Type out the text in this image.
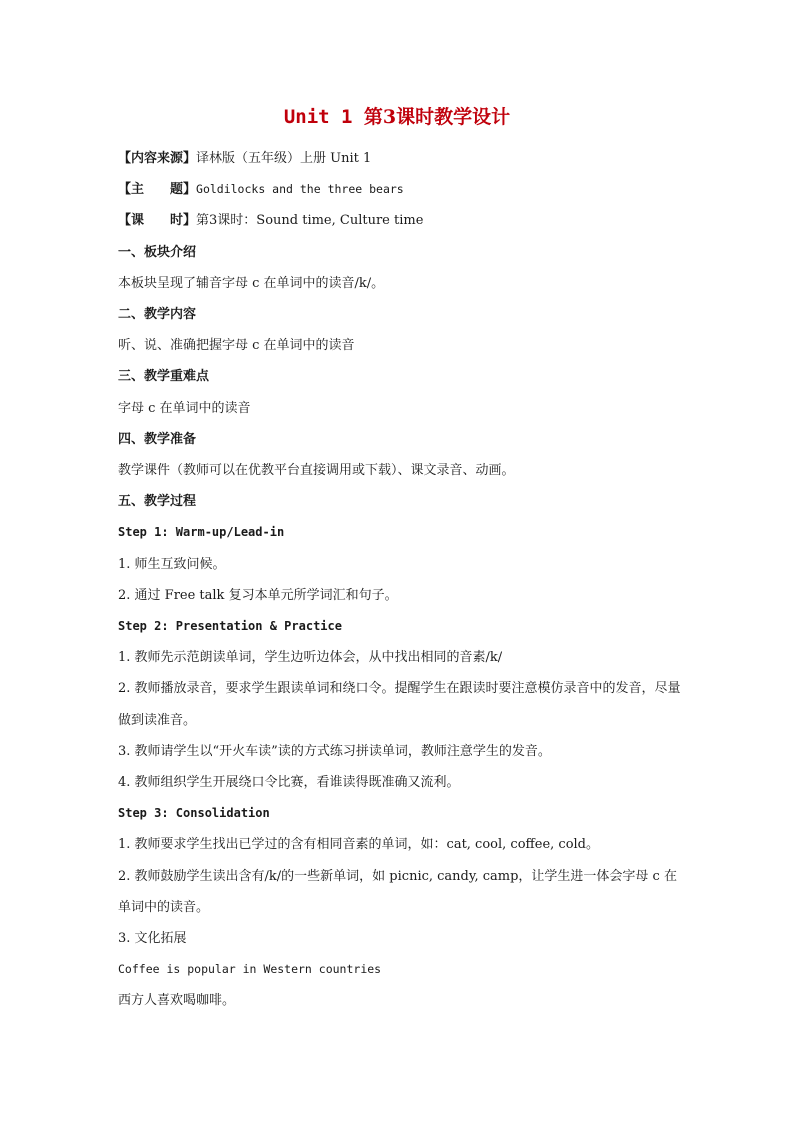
Unit 1 第3课时教学设计

【内容来源】译林版（五年级）上册 Unit 1

【主　　题】Goldilocks and the three bears

【课　　时】第3课时：Sound time, Culture time

一、板块介绍

本板块呈现了辅音字母 c 在单词中的读音/k/。

二、教学内容

听、说、准确把握字母 c 在单词中的读音

三、教学重难点

字母 c 在单词中的读音

四、教学准备

教学课件（教师可以在优教平台直接调用或下载）、课文录音、动画。

五、教学过程

Step 1: Warm-up/Lead-in

1. 师生互致问候。

2. 通过 Free talk 复习本单元所学词汇和句子。

Step 2: Presentation & Practice

1. 教师先示范朗读单词，学生边听边体会，从中找出相同的音素/k/

2. 教师播放录音，要求学生跟读单词和绕口令。提醒学生在跟读时要注意模仿录音中的发音，尽量做到读准音。

3. 教师请学生以“开火车读”读的方式练习拼读单词，教师注意学生的发音。

4. 教师组织学生开展绕口令比赛，看谁读得既准确又流利。

Step 3: Consolidation

1. 教师要求学生找出已学过的含有相同音素的单词，如：cat, cool, coffee, cold。

2. 教师鼓励学生读出含有/k/的一些新单词，如 picnic, candy, camp，让学生进一体会字母 c 在单词中的读音。

3. 文化拓展

Coffee is popular in Western countries

西方人喜欢喝咖啡。
